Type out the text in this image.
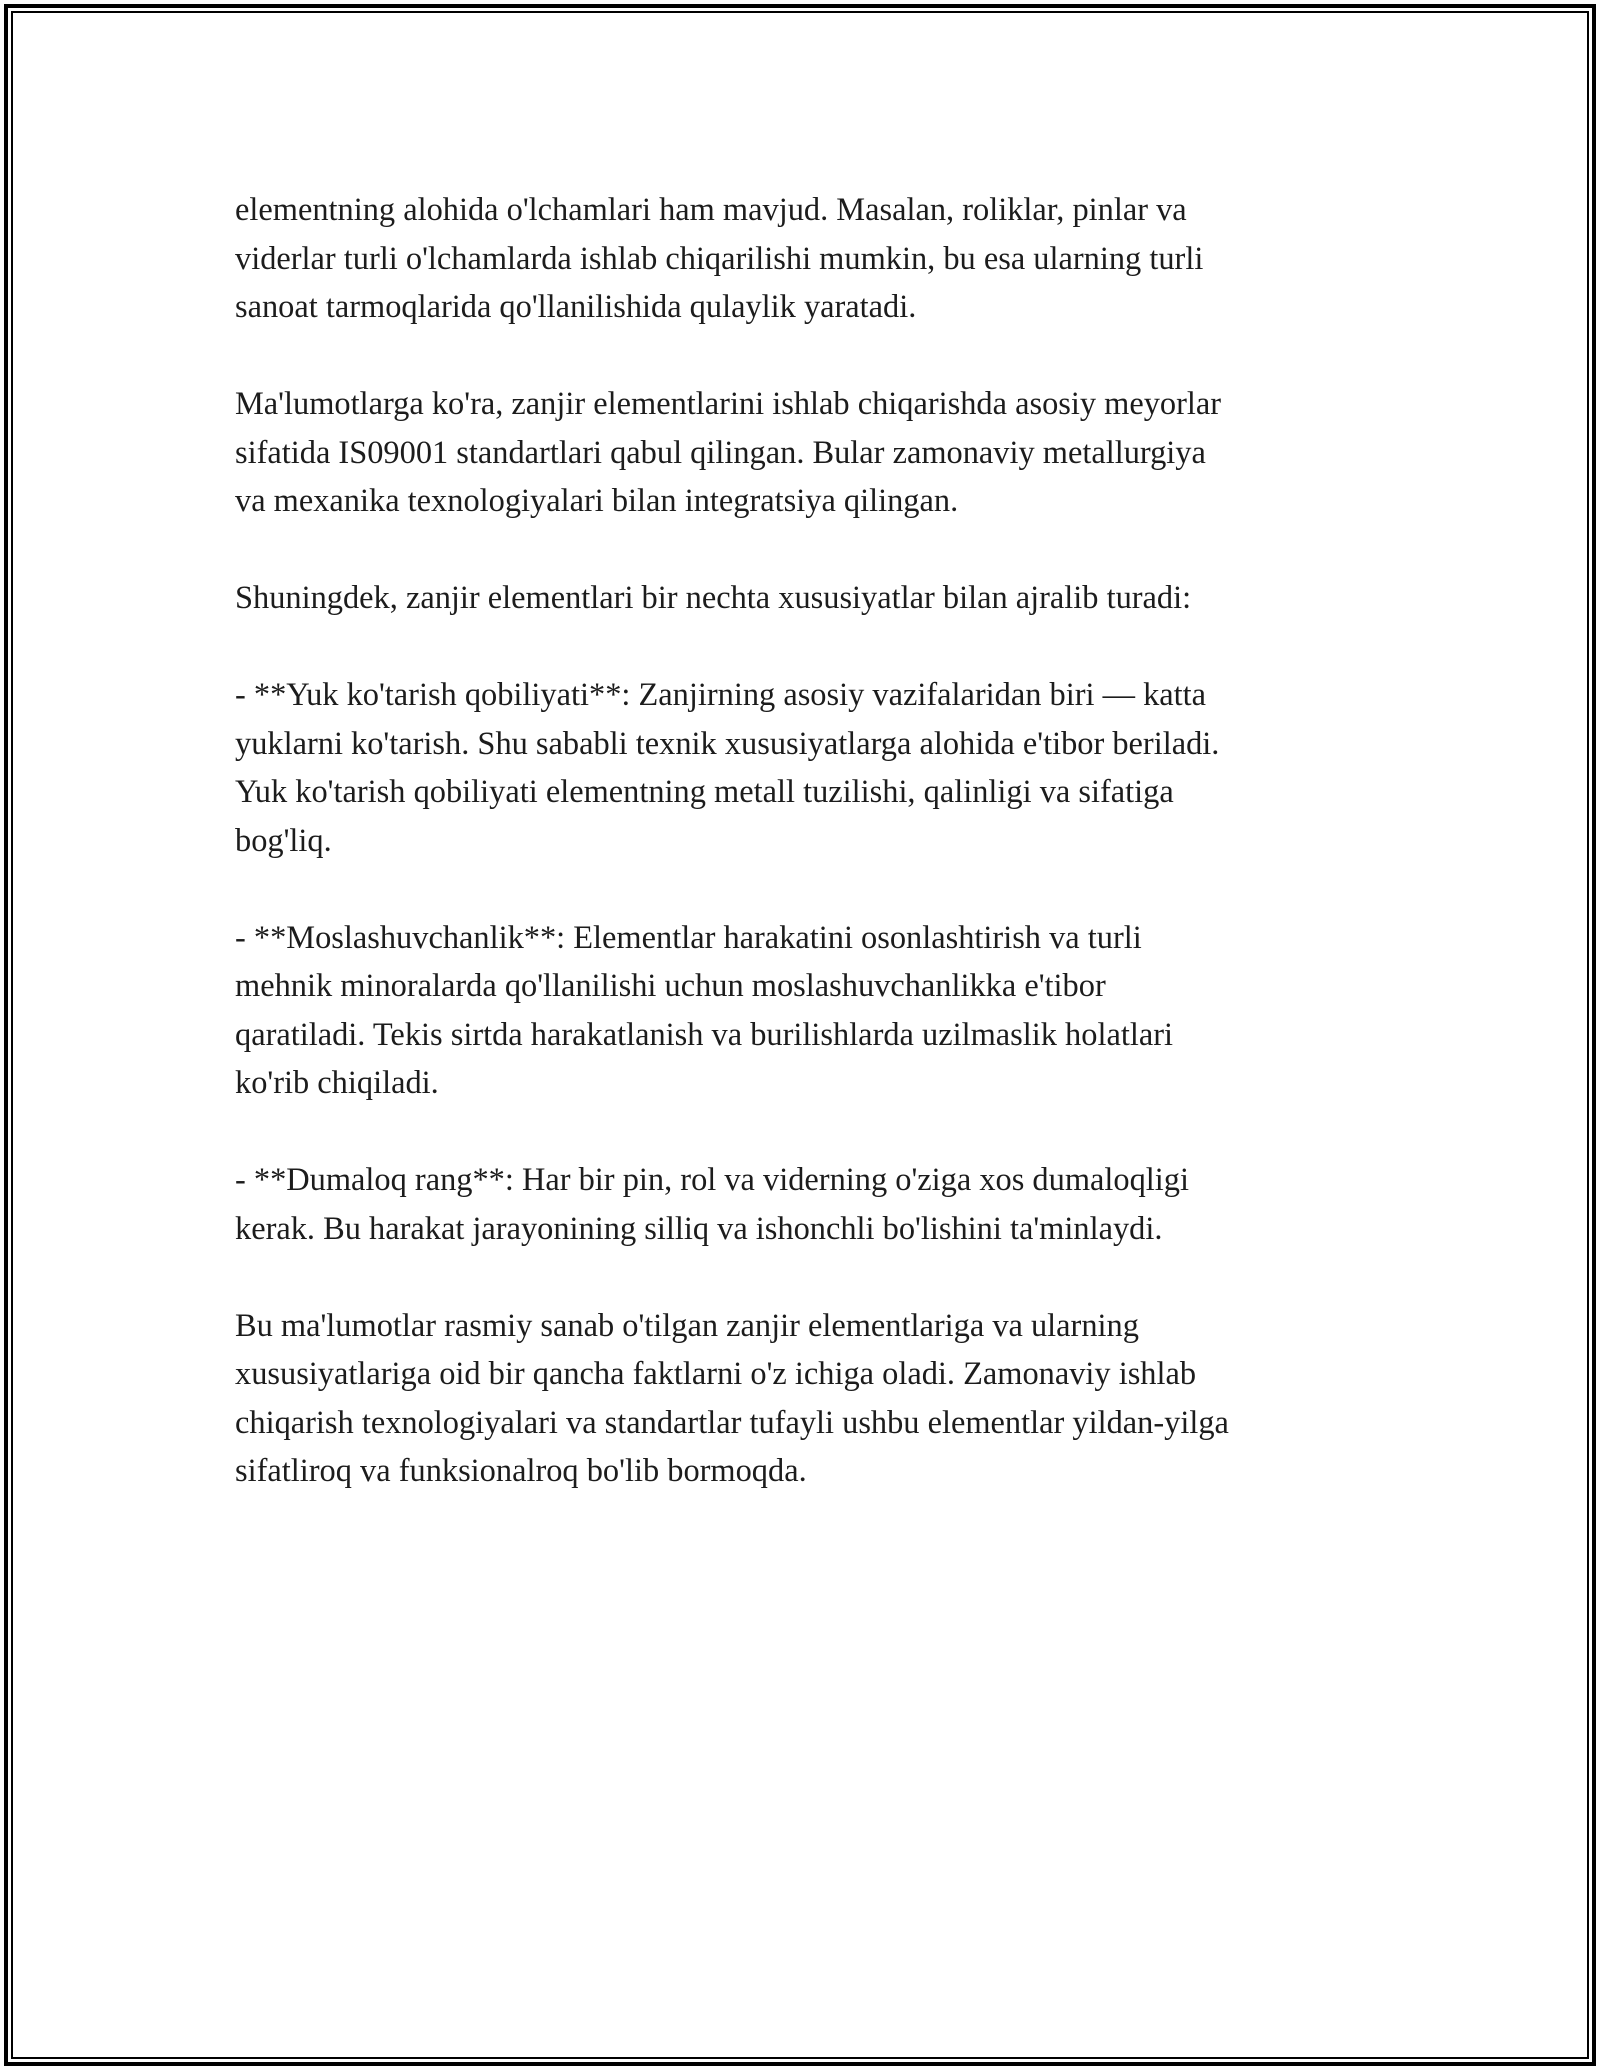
elementning alohida o'lchamlari ham mavjud. Masalan, roliklar, pinlar va
viderlar turli o'lchamlarda ishlab chiqarilishi mumkin, bu esa ularning turli
sanoat tarmoqlarida qo'llanilishida qulaylik yaratadi.

Ma'lumotlarga ko'ra, zanjir elementlarini ishlab chiqarishda asosiy meyorlar
sifatida IS09001 standartlari qabul qilingan. Bular zamonaviy metallurgiya
va mexanika texnologiyalari bilan integratsiya qilingan.

Shuningdek, zanjir elementlari bir nechta xususiyatlar bilan ajralib turadi:

- **Yuk ko'tarish qobiliyati**: Zanjirning asosiy vazifalaridan biri — katta
yuklarni ko'tarish. Shu sababli texnik xususiyatlarga alohida e'tibor beriladi.
Yuk ko'tarish qobiliyati elementning metall tuzilishi, qalinligi va sifatiga
bog'liq.

- **Moslashuvchanlik**: Elementlar harakatini osonlashtirish va turli
mehnik minoralarda qo'llanilishi uchun moslashuvchanlikka e'tibor
qaratiladi. Tekis sirtda harakatlanish va burilishlarda uzilmaslik holatlari
ko'rib chiqiladi.

- **Dumaloq rang**: Har bir pin, rol va viderning o'ziga xos dumaloqligi
kerak. Bu harakat jarayonining silliq va ishonchli bo'lishini ta'minlaydi.

Bu ma'lumotlar rasmiy sanab o'tilgan zanjir elementlariga va ularning
xususiyatlariga oid bir qancha faktlarni o'z ichiga oladi. Zamonaviy ishlab
chiqarish texnologiyalari va standartlar tufayli ushbu elementlar yildan-yilga
sifatliroq va funksionalroq bo'lib bormoqda.
